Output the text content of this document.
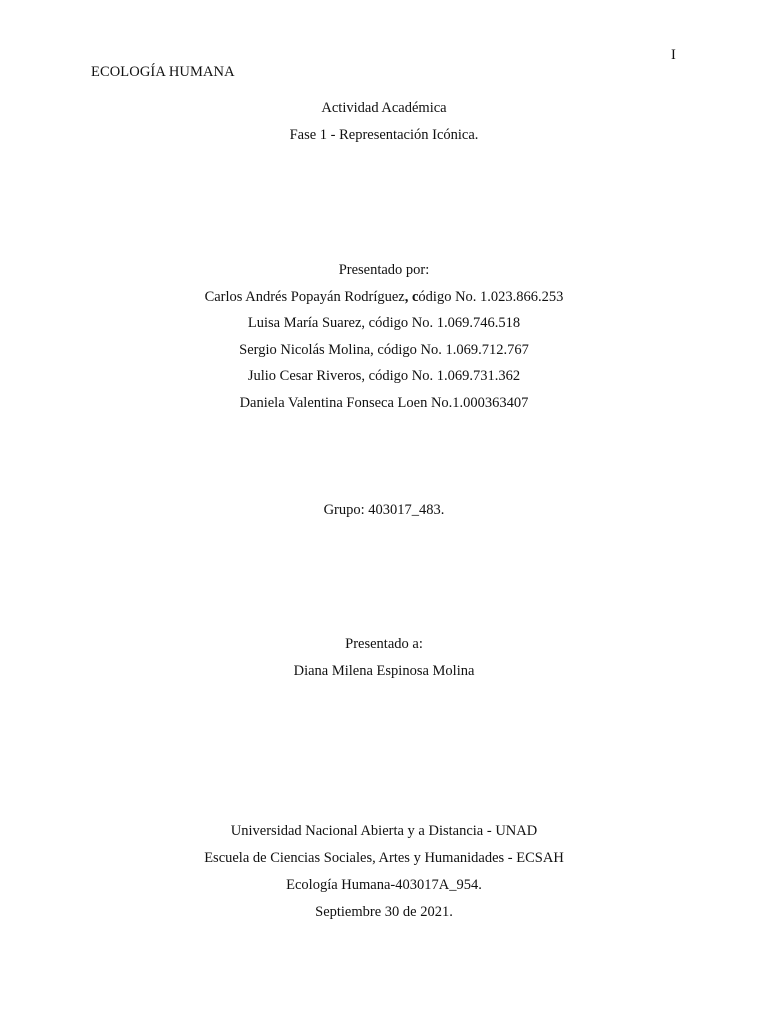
ECOLOGÍA HUMANA
I
Actividad Académica
Fase 1 - Representación Icónica.
Presentado por:
Carlos Andrés Popayán Rodríguez, código No. 1.023.866.253
Luisa María Suarez, código No. 1.069.746.518
Sergio Nicolás Molina, código No. 1.069.712.767
Julio Cesar Riveros, código No. 1.069.731.362
Daniela Valentina Fonseca Loen No.1.000363407
Grupo: 403017_483.
Presentado a:
Diana Milena Espinosa Molina
Universidad Nacional Abierta y a Distancia - UNAD
Escuela de Ciencias Sociales, Artes y Humanidades - ECSAH
Ecología Humana-403017A_954.
Septiembre 30 de 2021.
